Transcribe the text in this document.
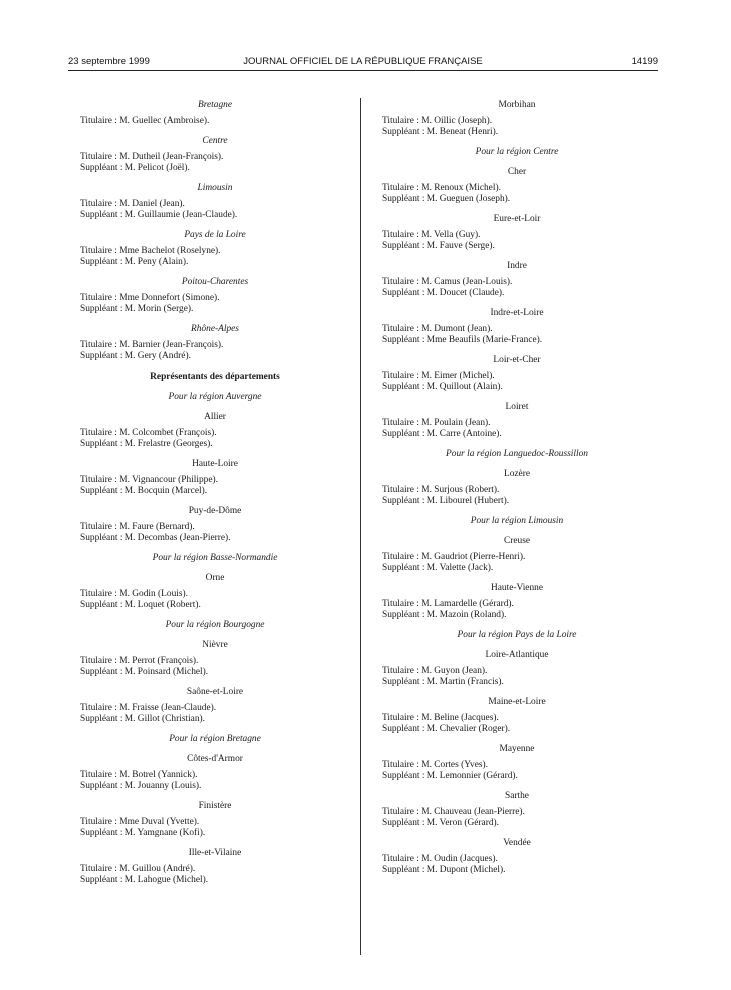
23 septembre 1999	JOURNAL OFFICIEL DE LA RÉPUBLIQUE FRANÇAISE	14199
Bretagne
Titulaire : M. Guellec (Ambroise).
Centre
Titulaire : M. Dutheil (Jean-François).
Suppléant : M. Pelicot (Joël).
Limousin
Titulaire : M. Daniel (Jean).
Suppléant : M. Guillaumie (Jean-Claude).
Pays de la Loire
Titulaire : Mme Bachelot (Roselyne).
Suppléant : M. Peny (Alain).
Poitou-Charentes
Titulaire : Mme Donnefort (Simone).
Suppléant : M. Morin (Serge).
Rhône-Alpes
Titulaire : M. Barnier (Jean-François).
Suppléant : M. Gery (André).
Représentants des départements
Pour la région Auvergne
Allier
Titulaire : M. Colcombet (François).
Suppléant : M. Frelastre (Georges).
Haute-Loire
Titulaire : M. Vignancour (Philippe).
Suppléant : M. Bocquin (Marcel).
Puy-de-Dôme
Titulaire : M. Faure (Bernard).
Suppléant : M. Decombas (Jean-Pierre).
Pour la région Basse-Normandie
Orne
Titulaire : M. Godin (Louis).
Suppléant : M. Loquet (Robert).
Pour la région Bourgogne
Nièvre
Titulaire : M. Perrot (François).
Suppléant : M. Poinsard (Michel).
Saône-et-Loire
Titulaire : M. Fraisse (Jean-Claude).
Suppléant : M. Gillot (Christian).
Pour la région Bretagne
Côtes-d'Armor
Titulaire : M. Botrel (Yannick).
Suppléant : M. Jouanny (Louis).
Finistère
Titulaire : Mme Duval (Yvette).
Suppléant : M. Yamgnane (Kofi).
Ille-et-Vilaine
Titulaire : M. Guillou (André).
Suppléant : M. Lahogue (Michel).
Morbihan
Titulaire : M. Oillic (Joseph).
Suppléant : M. Beneat (Henri).
Pour la région Centre
Cher
Titulaire : M. Renoux (Michel).
Suppléant : M. Gueguen (Joseph).
Eure-et-Loir
Titulaire : M. Vella (Guy).
Suppléant : M. Fauve (Serge).
Indre
Titulaire : M. Camus (Jean-Louis).
Suppléant : M. Doucet (Claude).
Indre-et-Loire
Titulaire : M. Dumont (Jean).
Suppléant : Mme Beaufils (Marie-France).
Loir-et-Cher
Titulaire : M. Eimer (Michel).
Suppléant : M. Quillout (Alain).
Loiret
Titulaire : M. Poulain (Jean).
Suppléant : M. Carre (Antoine).
Pour la région Languedoc-Roussillon
Lozère
Titulaire : M. Surjous (Robert).
Suppléant : M. Libourel (Hubert).
Pour la région Limousin
Creuse
Titulaire : M. Gaudriot (Pierre-Henri).
Suppléant : M. Valette (Jack).
Haute-Vienne
Titulaire : M. Lamardelle (Gérard).
Suppléant : M. Mazoin (Roland).
Pour la région Pays de la Loire
Loire-Atlantique
Titulaire : M. Guyon (Jean).
Suppléant : M. Martin (Francis).
Maine-et-Loire
Titulaire : M. Beline (Jacques).
Suppléant : M. Chevalier (Roger).
Mayenne
Titulaire : M. Cortes (Yves).
Suppléant : M. Lemonnier (Gérard).
Sarthe
Titulaire : M. Chauveau (Jean-Pierre).
Suppléant : M. Veron (Gérard).
Vendée
Titulaire : M. Oudin (Jacques).
Suppléant : M. Dupont (Michel).
